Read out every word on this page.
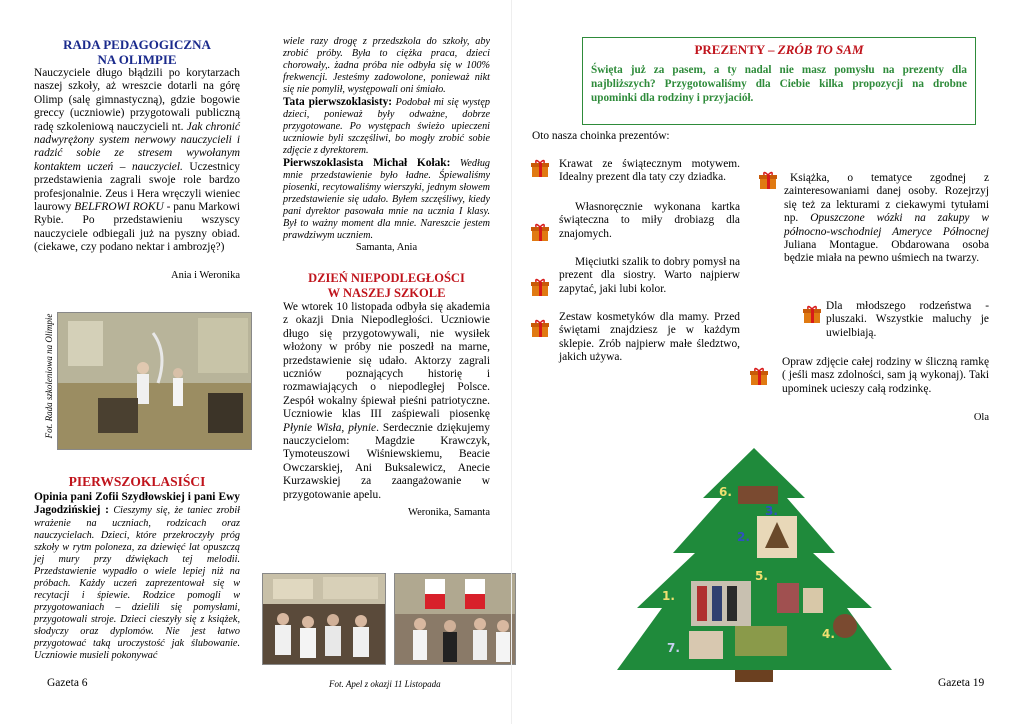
RADA PEDAGOGICZNA
NA OLIMPIE

Nauczyciele długo błądzili po korytarzach naszej szkoły, aż wreszcie dotarli na górę Olimp (salę gimnastyczną), gdzie bogowie greccy (uczniowie) przygotowali publiczną radę szkoleniową nauczycieli nt. Jak chronić nadwyrężony system nerwowy nauczycieli i radzić sobie ze stresem wywołanym kontaktem uczeń – nauczyciel. Uczestnicy przedstawienia zagrali swoje role bardzo profesjonalnie. Zeus i Hera wręczyli wieniec laurowy BELFROWI ROKU - panu Markowi Rybie. Po przedstawieniu wszyscy nauczyciele odbiegali już na pyszny obiad. (ciekawe, czy podano nektar i ambrozję?)

Ania i Weronika
Fot. Rada szkoleniowa na Olimpie
PIERWSZOKLASIŚCI

Opinia pani Zofii Szydłowskiej i pani Ewy Jagodzińskiej : Cieszymy się, że taniec zrobił wrażenie na uczniach, rodzicach oraz nauczycielach. Dzieci, które przekroczyły próg szkoły w rytm poloneza, za dziewięć lat opuszczą jej mury przy dźwiękach tej melodii. Przedstawienie wypadło o wiele lepiej niż na próbach. Każdy uczeń zaprezentował się w recytacji i śpiewie. Rodzice pomogli w przygotowaniach – dzielili się pomysłami, przygotowali stroje. Dzieci cieszyły się z książek, słodyczy oraz dyplomów. Nie jest łatwo przygotować taką uroczystość jak ślubowanie. Uczniowie musieli pokonywać

wiele razy drogę z przedszkola do szkoły, aby zrobić próby. Była to ciężka praca, dzieci chorowały,. żadna próba nie odbyła się w 100% frekwencji. Jesteśmy zadowolone, ponieważ nikt się nie pomylił, występowali oni śmiało.

Tata pierwszoklasisty: Podobał mi się występ dzieci, ponieważ były odważne, dobrze przygotowane. Po występach świeżo upieczeni uczniowie byli szczęśliwi, bo mogły zrobić sobie zdjęcie z dyrektorem.

Pierwszoklasista Michał Kołak: Według mnie przedstawienie było ładne. Śpiewaliśmy piosenki, recytowaliśmy wierszyki, jednym słowem przedstawienie się udało. Byłem szczęśliwy, kiedy pani dyrektor pasowała mnie na ucznia I klasy. Był to ważny moment dla mnie. Nareszcie jestem prawdziwym uczniem.

Samanta, Ania
DZIEŃ NIEPODLEGŁOŚCI
W NASZEJ SZKOLE

We wtorek 10 listopada odbyła się akademia z okazji Dnia Niepodległości. Uczniowie długo się przygotowywali, nie wysiłek włożony w próby nie poszedł na marne, przedstawienie się udało. Aktorzy zagrali uczniów poznających historię i rozmawiających o niepodległej Polsce. Zespół wokalny śpiewał pieśni patriotyczne. Uczniowie klas III zaśpiewali piosenkę Płynie Wisła, płynie. Serdecznie dziękujemy nauczycielom: Magdzie Krawczyk, Tymoteuszowi Wiśniewskiemu, Beacie Owczarskiej, Ani Buksalewicz, Anecie Kurzawskiej za zaangażowanie w przygotowanie apelu.

Weronika, Samanta
Fot. Apel z okazji 11 Listopada
Gazeta 6
PREZENTY – ZRÓB TO SAM

Święta już za pasem, a ty nadal nie masz pomysłu na prezenty dla najbliższych? Przygotowaliśmy dla Ciebie kilka propozycji na drobne upominki dla rodziny i przyjaciół.

Oto nasza choinka prezentów:
Krawat ze świątecznym motywem. Idealny prezent dla taty czy dziadka.
Własnoręcznie wykonana kartka świąteczna to miły drobiazg dla znajomych.
Mięciutki szalik to dobry pomysł na prezent dla siostry. Warto najpierw zapytać, jaki lubi kolor.
Zestaw kosmetyków dla mamy. Przed świętami znajdziesz je w każdym sklepie. Zrób najpierw małe śledztwo, jakich używa.
Książka, o tematyce zgodnej z zainteresowaniami danej osoby. Rozejrzyj się też za lekturami z ciekawymi tytułami np. Opuszczone wózki na zakupy w północno-wschodniej Ameryce Północnej Juliana Montague. Obdarowana osoba będzie miała na pewno uśmiech na twarzy.
Dla młodszego rodzeństwa - pluszaki. Wszystkie maluchy je uwielbiają.
Opraw zdjęcie całej rodziny w śliczną ramkę ( jeśli masz zdolności, sam ją wykonaj). Taki upominek ucieszy całą rodzinkę.
Ola
1.
2.
3.
4.
5.
6.
7.
Gazeta 19
